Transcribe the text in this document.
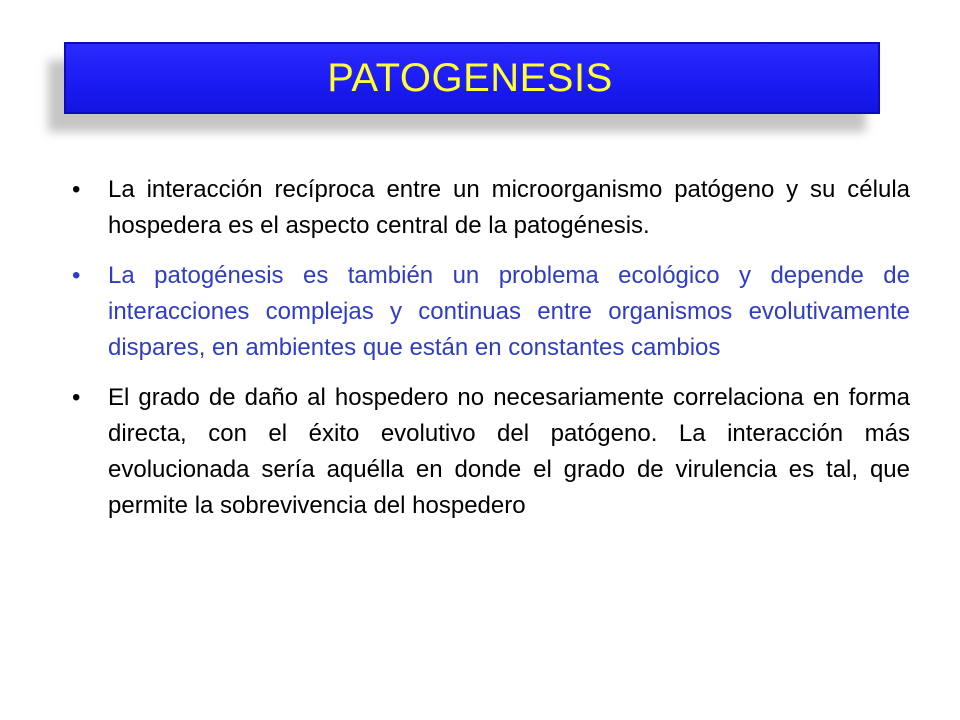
PATOGENESIS
•	La interacción recíproca entre un microorganismo patógeno y su célula hospedera es el aspecto central de la patogénesis.
•	La patogénesis es también un problema ecológico y depende de interacciones complejas y continuas entre organismos evolutivamente dispares, en ambientes que están en constantes cambios
•	El grado de daño al hospedero no necesariamente correlaciona en forma directa, con el éxito evolutivo del patógeno. La interacción más evolucionada sería aquélla en donde el grado de virulencia es tal, que permite la sobrevivencia del hospedero
